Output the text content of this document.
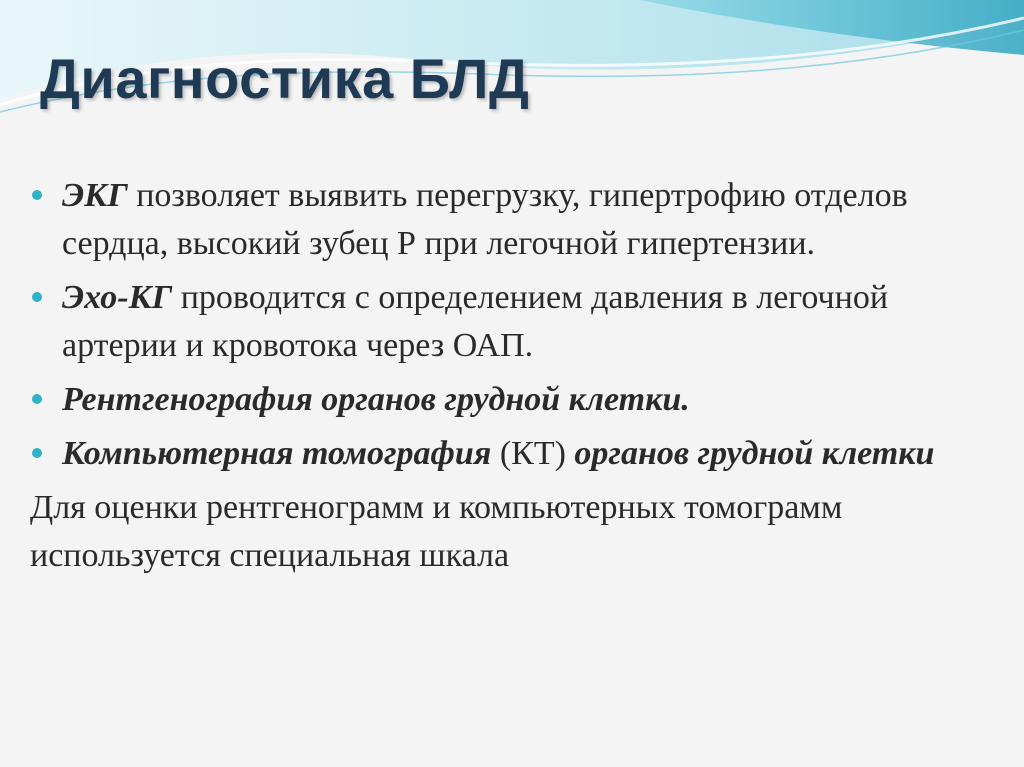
Диагностика БЛД
ЭКГ позволяет выявить перегрузку, гипертрофию отделов сердца, высокий зубец Р при легочной гипертензии.
Эхо-КГ проводится с определением давления в легочной артерии и кровотока через ОАП.
Рентгенография органов грудной клетки.
Компьютерная томография (КТ) органов грудной клетки
Для оценки рентгенограмм и компьютерных томограмм используется специальная шкала
